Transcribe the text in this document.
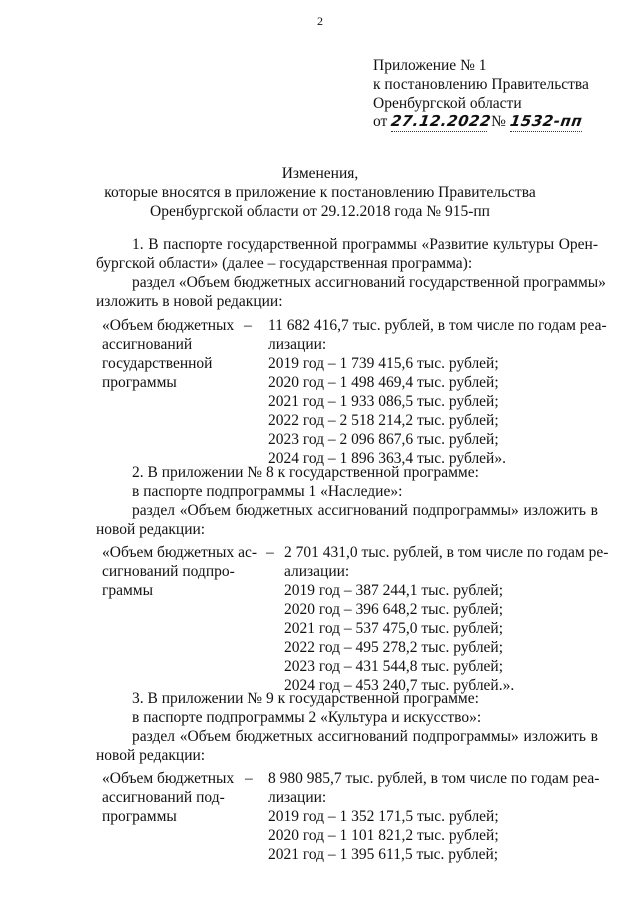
2
Приложение № 1
к постановлению Правительства
Оренбургской области
от 27.12.2022 № 1532-пп
Изменения,
которые вносятся в приложение к постановлению Правительства
Оренбургской области от 29.12.2018 года № 915-пп
1. В паспорте государственной программы «Развитие культуры Орен-
бургской области» (далее – государственная программа):
раздел «Объем бюджетных ассигнований государственной программы»
изложить в новой редакции:
«Объем бюджетных
ассигнований
государственной
программы
– 11 682 416,7 тыс. рублей, в том числе по годам реа-
лизации:
2019 год – 1 739 415,6 тыс. рублей;
2020 год – 1 498 469,4 тыс. рублей;
2021 год – 1 933 086,5 тыс. рублей;
2022 год – 2 518 214,2 тыс. рублей;
2023 год – 2 096 867,6 тыс. рублей;
2024 год – 1 896 363,4 тыс. рублей».
2. В приложении № 8 к государственной программе:
в паспорте подпрограммы 1 «Наследие»:
раздел «Объем бюджетных ассигнований подпрограммы» изложить в
новой редакции:
«Объем бюджетных ас-
сигнований подпро-
граммы
– 2 701 431,0 тыс. рублей, в том числе по годам ре-
ализации:
2019 год – 387 244,1 тыс. рублей;
2020 год – 396 648,2 тыс. рублей;
2021 год – 537 475,0 тыс. рублей;
2022 год – 495 278,2 тыс. рублей;
2023 год – 431 544,8 тыс. рублей;
2024 год – 453 240,7 тыс. рублей.».
3. В приложении № 9 к государственной программе:
в паспорте подпрограммы 2 «Культура и искусство»:
раздел «Объем бюджетных ассигнований подпрограммы» изложить в
новой редакции:
«Объем бюджетных
ассигнований под-
программы
– 8 980 985,7 тыс. рублей, в том числе по годам реа-
лизации:
2019 год – 1 352 171,5 тыс. рублей;
2020 год – 1 101 821,2 тыс. рублей;
2021 год – 1 395 611,5 тыс. рублей;
